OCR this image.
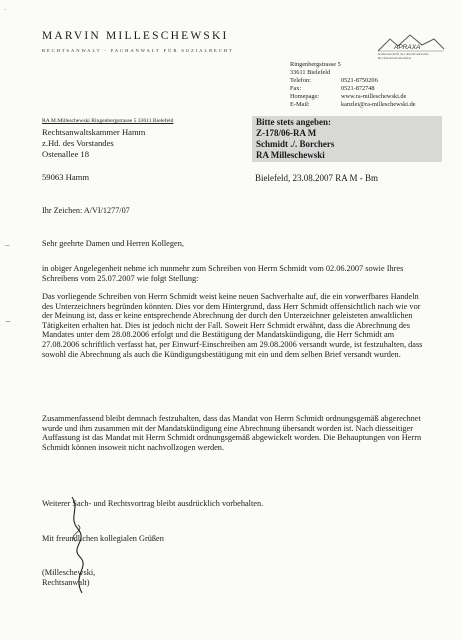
MARVIN MILLESCHEWSKI
RECHTSANWALT - FACHANWALT FÜR SOZIALRECHT	APRAXA
Gemeinschaft der Rechtsanwälte Rechtsanwaltskanzlei
Ringenbergstrasse 5
33611 Bielefeld
Telefon:	0521-8750206
Fax:	0521-872748
Homepage:	www.ra-milleschewski.de
E-Mail:	kanzlei@ra-milleschewski.de
RA M.Milleschewski Ringenbergstrasse 5 33611 Bielefeld
Rechtsanwaltskammer Hamm
z.Hd. des Vorstandes
Ostenallee 18
59063 Hamm
Bitte stets angeben:
Z-178/06-RA M
Schmidt ./. Borchers
RA Milleschewski
Bielefeld, 23.08.2007 RA M - Bm
Ihr Zeichen: A/VI/1277/07
Sehr geehrte Damen und Herren Kollegen,
in obiger Angelegenheit nehme ich nunmehr zum Schreiben von Herrn Schmidt vom 02.06.2007 sowie Ihres Schreibens vom 25.07.2007 wie folgt Stellung:
Das vorliegende Schreiben von Herrn Schmidt weist keine neuen Sachverhalte auf, die ein vorwerfbares Handeln des Unterzeichners begründen könnten. Dies vor dem Hintergrund, dass Herr Schmidt offensichtlich nach wie vor der Meinung ist, dass er keine entsprechende Abrechnung der durch den Unterzeichner geleisteten anwaltlichen Tätigkeiten erhalten hat. Dies ist jedoch nicht der Fall. Soweit Herr Schmidt erwähnt, dass die Abrechnung des Mandates unter dem 28.08.2006 erfolgt und die Bestätigung der Mandatskündigung, die Herr Schmidt am 27.08.2006 schriftlich verfasst hat, per Einwurf-Einschreiben am 29.08.2006 versandt wurde, ist festzuhalten, dass sowohl die Abrechnung als auch die Kündigungsbestätigung mit ein und dem selben Brief versandt wurden.
Zusammenfassend bleibt demnach festzuhalten, dass das Mandat von Herrn Schmidt ordnungsgemäß abgerechnet wurde und ihm zusammen mit der Mandatskündigung eine Abrechnung übersandt worden ist. Nach diesseitiger Auffassung ist das Mandat mit Herrn Schmidt ordnungsgemäß abgewickelt worden. Die Behauptungen von Herrn Schmidt können insoweit nicht nachvollzogen werden.
Weiterer Sach- und Rechtsvortrag bleibt ausdrücklich vorbehalten.
Mit freundlichen kollegialen Grüßen
(Milleschewski,
Rechtsanwalt)
–
⌣
·
